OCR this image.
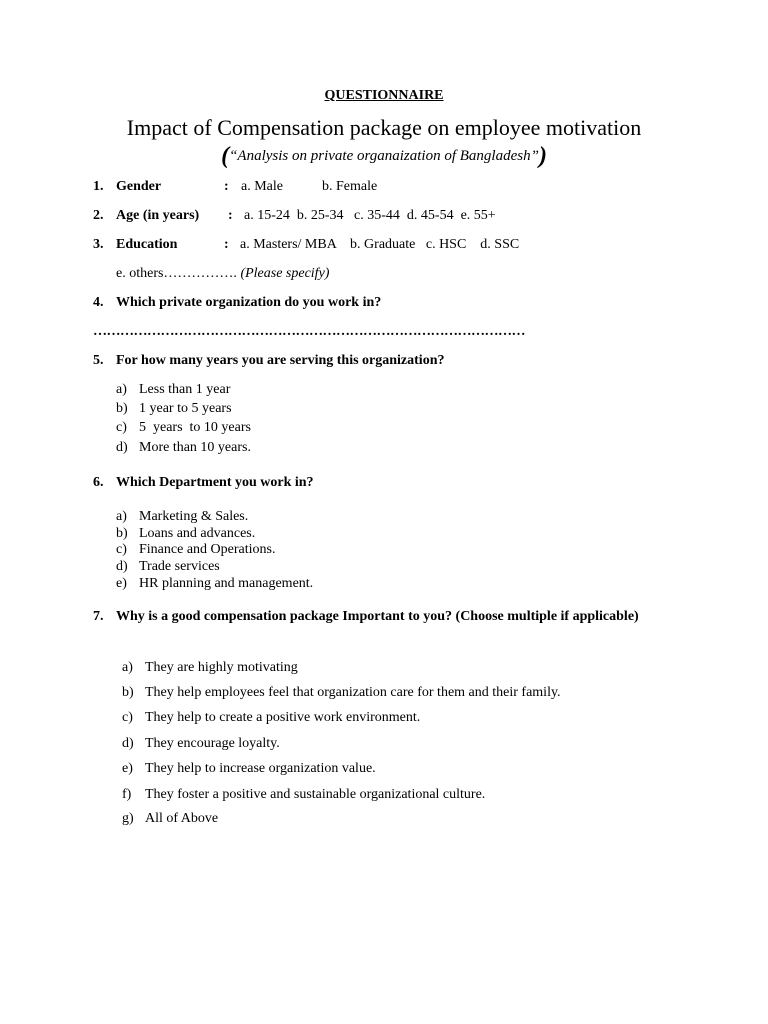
QUESTIONNAIRE
Impact of Compensation package on employee motivation
(“Analysis on private organaization of Bangladesh”)
1. Gender	: a. Male	b. Female
2. Age (in years) : a. 15-24  b. 25-34   c. 35-44  d. 45-54  e. 55+
3. Education	: a. Masters/ MBA    b. Graduate   c. HSC    d. SSC
e. others……………. (Please specify)
4. Which private organization do you work in?
……………………………………………………………………………………
5. For how many years you are serving this organization?
a) Less than 1 year
b) 1 year to 5 years
c) 5  years  to 10 years
d) More than 10 years.
6. Which Department you work in?
a) Marketing & Sales.
b) Loans and advances.
c) Finance and Operations.
d) Trade services
e) HR planning and management.
7. Why is a good compensation package Important to you? (Choose multiple if applicable)
a) They are highly motivating
b) They help employees feel that organization care for them and their family.
c) They help to create a positive work environment.
d) They encourage loyalty.
e) They help to increase organization value.
f) They foster a positive and sustainable organizational culture.
g) All of Above
